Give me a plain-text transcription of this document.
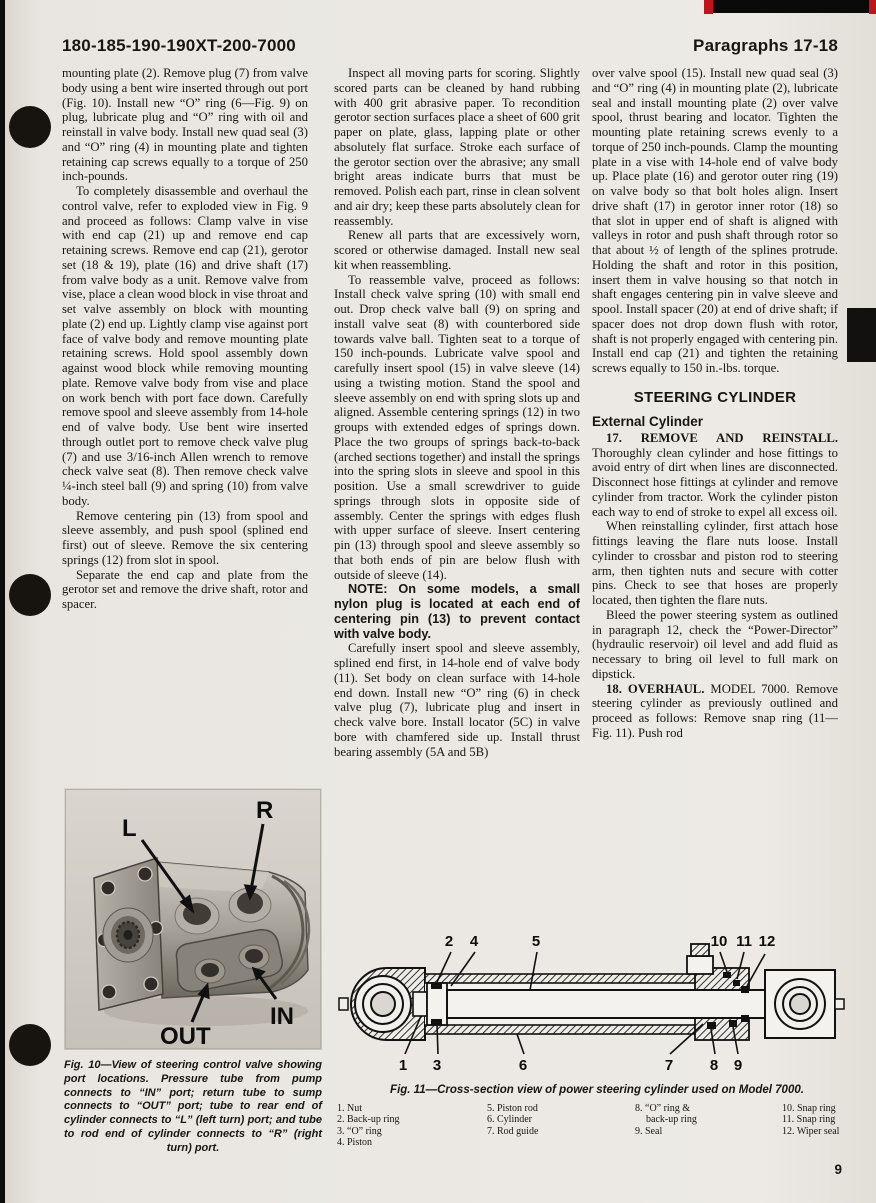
180-185-190-190XT-200-7000	Paragraphs 17-18

mounting plate (2). Remove plug (7) from valve body using a bent wire inserted through out port (Fig. 10). Install new “O” ring (6—Fig. 9) on plug, lubricate plug and “O” ring with oil and reinstall in valve body. Install new quad seal (3) and “O” ring (4) in mounting plate and tighten retaining cap screws equally to a torque of 250 inch-pounds.

To completely disassemble and overhaul the control valve, refer to exploded view in Fig. 9 and proceed as follows: Clamp valve in vise with end cap (21) up and remove end cap retaining screws. Remove end cap (21), gerotor set (18 & 19), plate (16) and drive shaft (17) from valve body as a unit. Remove valve from vise, place a clean wood block in vise throat and set valve assembly on block with mounting plate (2) end up. Lightly clamp vise against port face of valve body and remove mounting plate retaining screws. Hold spool assembly down against wood block while removing mounting plate. Remove valve body from vise and place on work bench with port face down. Carefully remove spool and sleeve assembly from 14-hole end of valve body. Use bent wire inserted through outlet port to remove check valve plug (7) and use 3/16-inch Allen wrench to remove check valve seat (8). Then remove check valve ¼-inch steel ball (9) and spring (10) from valve body.

Remove centering pin (13) from spool and sleeve assembly, and push spool (splined end first) out of sleeve. Remove the six centering springs (12) from slot in spool.

Separate the end cap and plate from the gerotor set and remove the drive shaft, rotor and spacer.

Inspect all moving parts for scoring. Slightly scored parts can be cleaned by hand rubbing with 400 grit abrasive paper. To recondition gerotor section surfaces place a sheet of 600 grit paper on plate, glass, lapping plate or other absolutely flat surface. Stroke each surface of the gerotor section over the abrasive; any small bright areas indicate burrs that must be removed. Polish each part, rinse in clean solvent and air dry; keep these parts absolutely clean for reassembly.

Renew all parts that are excessively worn, scored or otherwise damaged. Install new seal kit when reassembling.

To reassemble valve, proceed as follows: Install check valve spring (10) with small end out. Drop check valve ball (9) on spring and install valve seat (8) with counterbored side towards valve ball. Tighten seat to a torque of 150 inch-pounds. Lubricate valve spool and carefully insert spool (15) in valve sleeve (14) using a twisting motion. Stand the spool and sleeve assembly on end with spring slots up and aligned. Assemble centering springs (12) in two groups with extended edges of springs down. Place the two groups of springs back-to-back (arched sections together) and install the springs into the spring slots in sleeve and spool in this position. Use a small screwdriver to guide springs through slots in opposite side of assembly. Center the springs with edges flush with upper surface of sleeve. Insert centering pin (13) through spool and sleeve assembly so that both ends of pin are below flush with outside of sleeve (14).

NOTE: On some models, a small nylon plug is located at each end of centering pin (13) to prevent contact with valve body.

Carefully insert spool and sleeve assembly, splined end first, in 14-hole end of valve body (11). Set body on clean surface with 14-hole end down. Install new “O” ring (6) in check valve plug (7), lubricate plug and insert in check valve bore. Install locator (5C) in valve bore with chamfered side up. Install thrust bearing assembly (5A and 5B)

over valve spool (15). Install new quad seal (3) and “O” ring (4) in mounting plate (2), lubricate seal and install mounting plate (2) over valve spool, thrust bearing and locator. Tighten the mounting plate retaining screws evenly to a torque of 250 inch-pounds. Clamp the mounting plate in a vise with 14-hole end of valve body up. Place plate (16) and gerotor outer ring (19) on valve body so that bolt holes align. Insert drive shaft (17) in gerotor inner rotor (18) so that slot in upper end of shaft is aligned with valleys in rotor and push shaft through rotor so that about ½ of length of the splines protrude. Holding the shaft and rotor in this position, insert them in valve housing so that notch in shaft engages centering pin in valve sleeve and spool. Install spacer (20) at end of drive shaft; if spacer does not drop down flush with rotor, shaft is not properly engaged with centering pin. Install end cap (21) and tighten the retaining screws equally to 150 in.-lbs. torque.

STEERING CYLINDER
External Cylinder

17. REMOVE AND REINSTALL. Thoroughly clean cylinder and hose fittings to avoid entry of dirt when lines are disconnected. Disconnect hose fittings at cylinder and remove cylinder from tractor. Work the cylinder piston each way to end of stroke to expel all excess oil.

When reinstalling cylinder, first attach hose fittings leaving the flare nuts loose. Install cylinder to crossbar and piston rod to steering arm, then tighten nuts and secure with cotter pins. Check to see that hoses are properly located, then tighten the flare nuts.

Bleed the power steering system as outlined in paragraph 12, check the “Power-Director” (hydraulic reservoir) oil level and add fluid as necessary to bring oil level to full mark on dipstick.

18. OVERHAUL. MODEL 7000. Remove steering cylinder as previously outlined and proceed as follows: Remove snap ring (11—Fig. 11). Push rod

L
R
IN
OUT
Fig. 10—View of steering control valve showing port locations. Pressure tube from pump connects to “IN” port; return tube to sump connects to “OUT” port; tube to rear end of cylinder connects to “L” (left turn) port; and tube to rod end of cylinder connects to “R” (right turn) port.
2 4	5	10 11 12
1 3	6	7 8 9
Fig. 11—Cross-section view of power steering cylinder used on Model 7000.
1. Nut
2. Back-up ring
3. “O” ring
4. Piston
5. Piston rod
6. Cylinder
7. Rod guide
8. “O” ring &
back-up ring
9. Seal
10. Snap ring
11. Snap ring
12. Wiper seal
9
